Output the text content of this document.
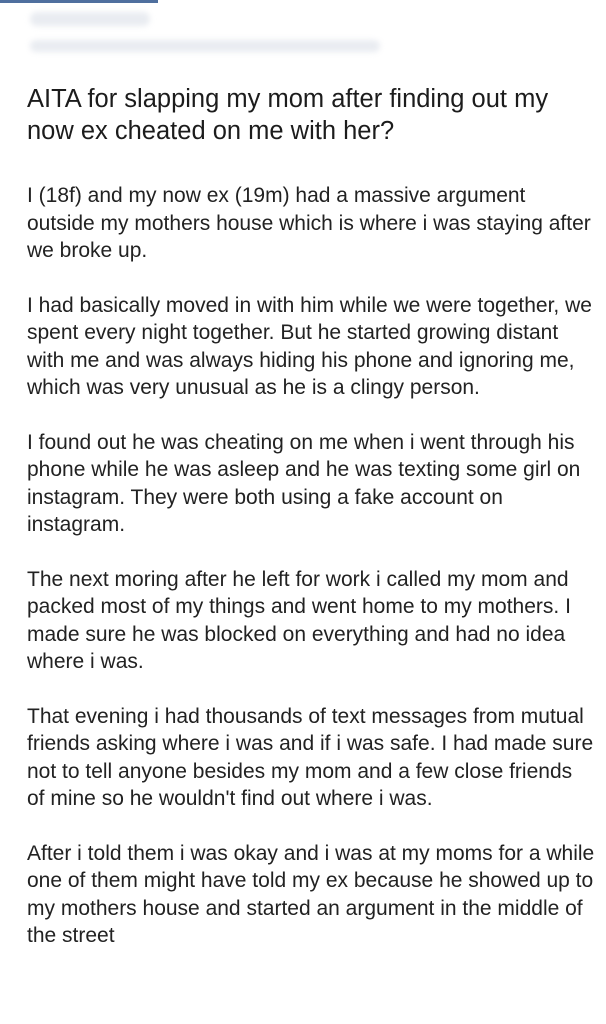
AITA for slapping my mom after finding out my now ex cheated on me with her?

I (18f) and my now ex (19m) had a massive argument outside my mothers house which is where i was staying after we broke up.

I had basically moved in with him while we were together, we spent every night together. But he started growing distant with me and was always hiding his phone and ignoring me, which was very unusual as he is a clingy person.

I found out he was cheating on me when i went through his phone while he was asleep and he was texting some girl on instagram. They were both using a fake account on instagram.

The next moring after he left for work i called my mom and packed most of my things and went home to my mothers. I made sure he was blocked on everything and had no idea where i was.

That evening i had thousands of text messages from mutual friends asking where i was and if i was safe. I had made sure not to tell anyone besides my mom and a few close friends of mine so he wouldn't find out where i was.

After i told them i was okay and i was at my moms for a while one of them might have told my ex because he showed up to my mothers house and started an argument in the middle of the street
